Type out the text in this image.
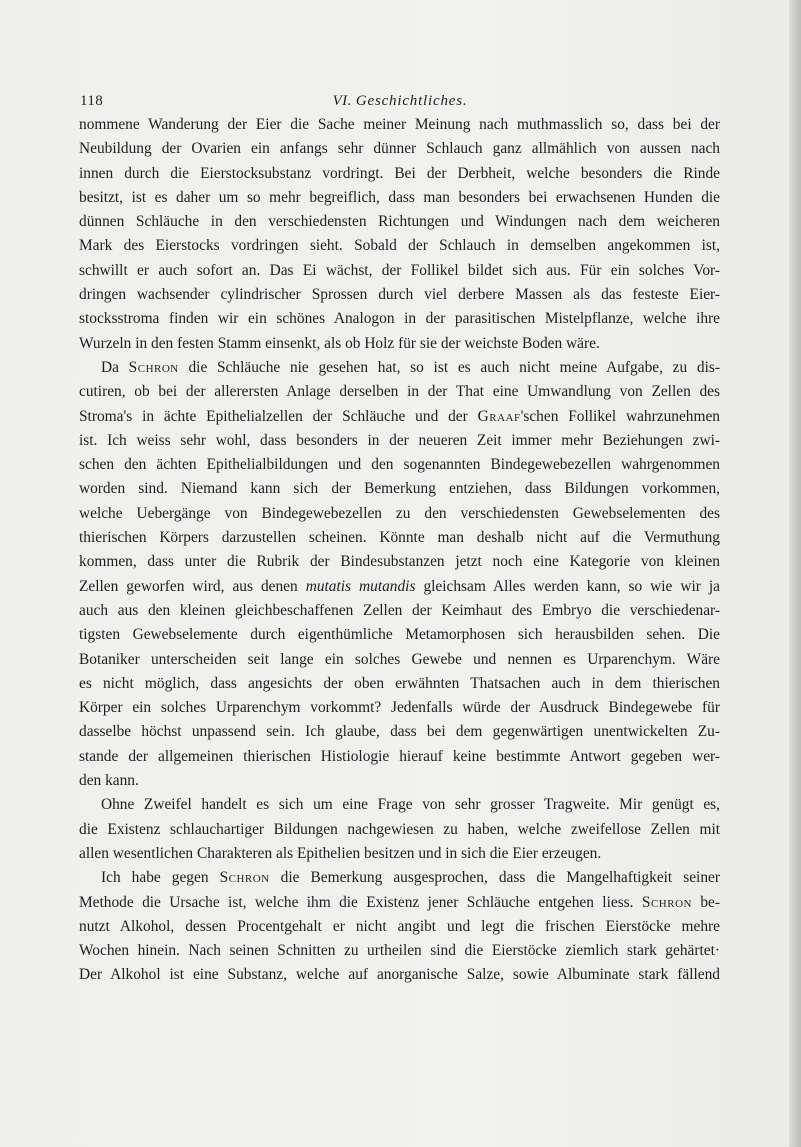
118	VI. Geschichtliches.
nommene Wanderung der Eier die Sache meiner Meinung nach muthmasslich so, dass bei der
Neubildung der Ovarien ein anfangs sehr dünner Schlauch ganz allmählich von aussen nach
innen durch die Eierstocksubstanz vordringt. Bei der Derbheit, welche besonders die Rinde
besitzt, ist es daher um so mehr begreiflich, dass man besonders bei erwachsenen Hunden die
dünnen Schläuche in den verschiedensten Richtungen und Windungen nach dem weicheren
Mark des Eierstocks vordringen sieht. Sobald der Schlauch in demselben angekommen ist,
schwillt er auch sofort an. Das Ei wächst, der Follikel bildet sich aus. Für ein solches Vor-
dringen wachsender cylindrischer Sprossen durch viel derbere Massen als das festeste Eier-
stocksstroma finden wir ein schönes Analogon in der parasitischen Mistelpflanze, welche ihre
Wurzeln in den festen Stamm einsenkt, als ob Holz für sie der weichste Boden wäre.
Da Schron die Schläuche nie gesehen hat, so ist es auch nicht meine Aufgabe, zu dis-
cutiren, ob bei der allerersten Anlage derselben in der That eine Umwandlung von Zellen des
Stroma's in ächte Epithelialzellen der Schläuche und der Graaf'schen Follikel wahrzunehmen
ist. Ich weiss sehr wohl, dass besonders in der neueren Zeit immer mehr Beziehungen zwi-
schen den ächten Epithelialbildungen und den sogenannten Bindegewebezellen wahrgenommen
worden sind. Niemand kann sich der Bemerkung entziehen, dass Bildungen vorkommen,
welche Uebergänge von Bindegewebezellen zu den verschiedensten Gewebselementen des
thierischen Körpers darzustellen scheinen. Könnte man deshalb nicht auf die Vermuthung
kommen, dass unter die Rubrik der Bindesubstanzen jetzt noch eine Kategorie von kleinen
Zellen geworfen wird, aus denen mutatis mutandis gleichsam Alles werden kann, so wie wir ja
auch aus den kleinen gleichbeschaffenen Zellen der Keimhaut des Embryo die verschiedenar-
tigsten Gewebselemente durch eigenthümliche Metamorphosen sich herausbilden sehen. Die
Botaniker unterscheiden seit lange ein solches Gewebe und nennen es Urparenchym. Wäre
es nicht möglich, dass angesichts der oben erwähnten Thatsachen auch in dem thierischen
Körper ein solches Urparenchym vorkommt? Jedenfalls würde der Ausdruck Bindegewebe für
dasselbe höchst unpassend sein. Ich glaube, dass bei dem gegenwärtigen unentwickelten Zu-
stande der allgemeinen thierischen Histiologie hierauf keine bestimmte Antwort gegeben wer-
den kann.
Ohne Zweifel handelt es sich um eine Frage von sehr grosser Tragweite. Mir genügt es,
die Existenz schlauchartiger Bildungen nachgewiesen zu haben, welche zweifellose Zellen mit
allen wesentlichen Charakteren als Epithelien besitzen und in sich die Eier erzeugen.
Ich habe gegen Schron die Bemerkung ausgesprochen, dass die Mangelhaftigkeit seiner
Methode die Ursache ist, welche ihm die Existenz jener Schläuche entgehen liess. Schron be-
nutzt Alkohol, dessen Procentgehalt er nicht angibt und legt die frischen Eierstöcke mehre
Wochen hinein. Nach seinen Schnitten zu urtheilen sind die Eierstöcke ziemlich stark gehärtet·
Der Alkohol ist eine Substanz, welche auf anorganische Salze, sowie Albuminate stark fällend
